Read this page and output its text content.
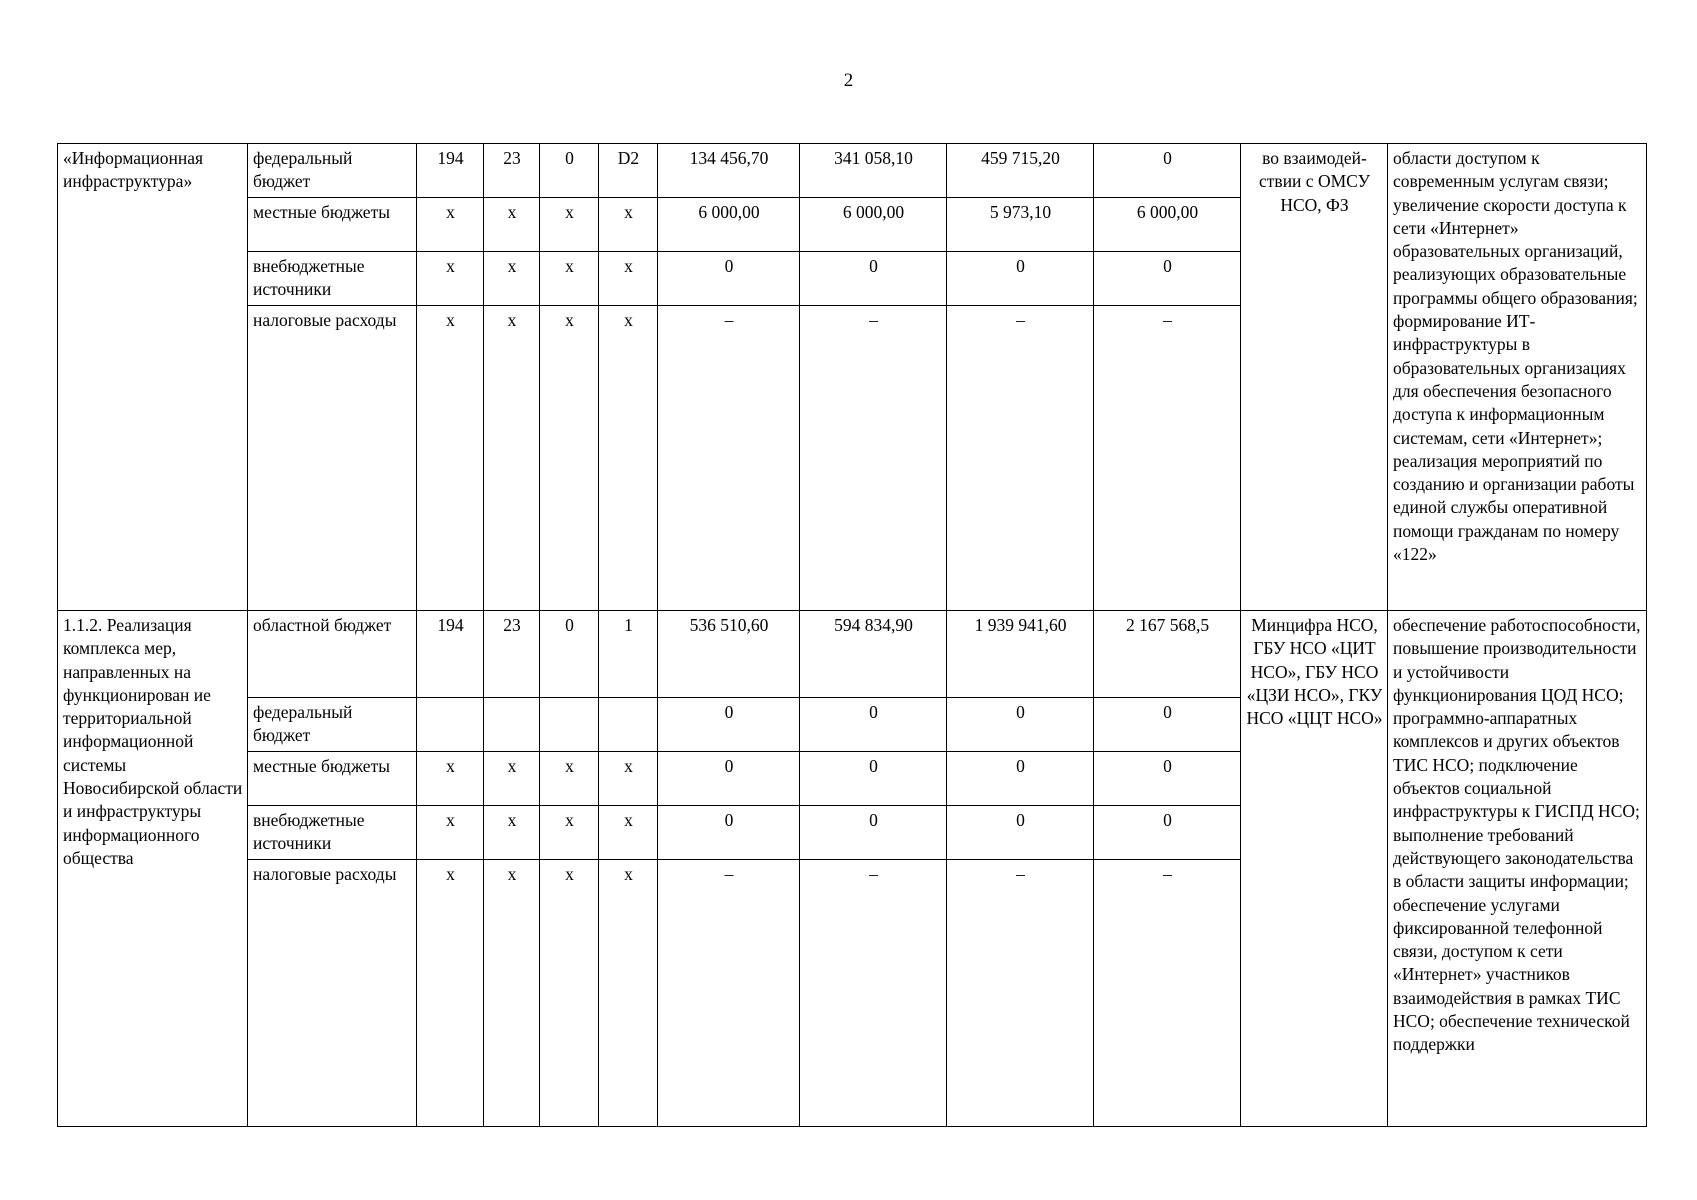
2
«Информационная инфраструктура»	федеральный бюджет	194	23	0	D2	134 456,70	341 058,10	459 715,20	0	во взаимодей-ствии с ОМСУ НСО, ФЗ	области доступом к современным услугам связи; увеличение скорости доступа к сети «Интернет» образовательных организаций, реализующих образовательные программы общего образования; формирование ИТ-инфраструктуры в образовательных организациях для обеспечения безопасного доступа к информационным системам, сети «Интернет»; реализация мероприятий по созданию и организации работы единой службы оперативной помощи гражданам по номеру «122»
	местные бюджеты	x	x	x	x	6 000,00	6 000,00	5 973,10	6 000,00		
	внебюджетные источники	x	x	x	x	0	0	0	0		
	налоговые расходы	x	x	x	x	–	–	–	–		
1.1.2. Реализация комплекса мер, направленных на функционирован ие территориальной информационной системы Новосибирской области и инфраструктуры информационного общества	областной бюджет	194	23	0	1	536 510,60	594 834,90	1 939 941,60	2 167 568,5	Минцифра НСО, ГБУ НСО «ЦИТ НСО», ГБУ НСО «ЦЗИ НСО», ГКУ НСО «ЦЦТ НСО»	обеспечение работоспособности, повышение производительности и устойчивости функционирования ЦОД НСО; программно-аппаратных комплексов и других объектов ТИС НСО; подключение объектов социальной инфраструктуры к ГИСПД НСО; выполнение требований действующего законодательства в области защиты информации; обеспечение услугами фиксированной телефонной связи, доступом к сети «Интернет» участников взаимодействия в рамках ТИС НСО; обеспечение технической поддержки
	федеральный бюджет					0	0	0	0		
	местные бюджеты	x	x	x	x	0	0	0	0		
	внебюджетные источники	x	x	x	x	0	0	0	0		
	налоговые расходы	x	x	x	x	–	–	–	–		
